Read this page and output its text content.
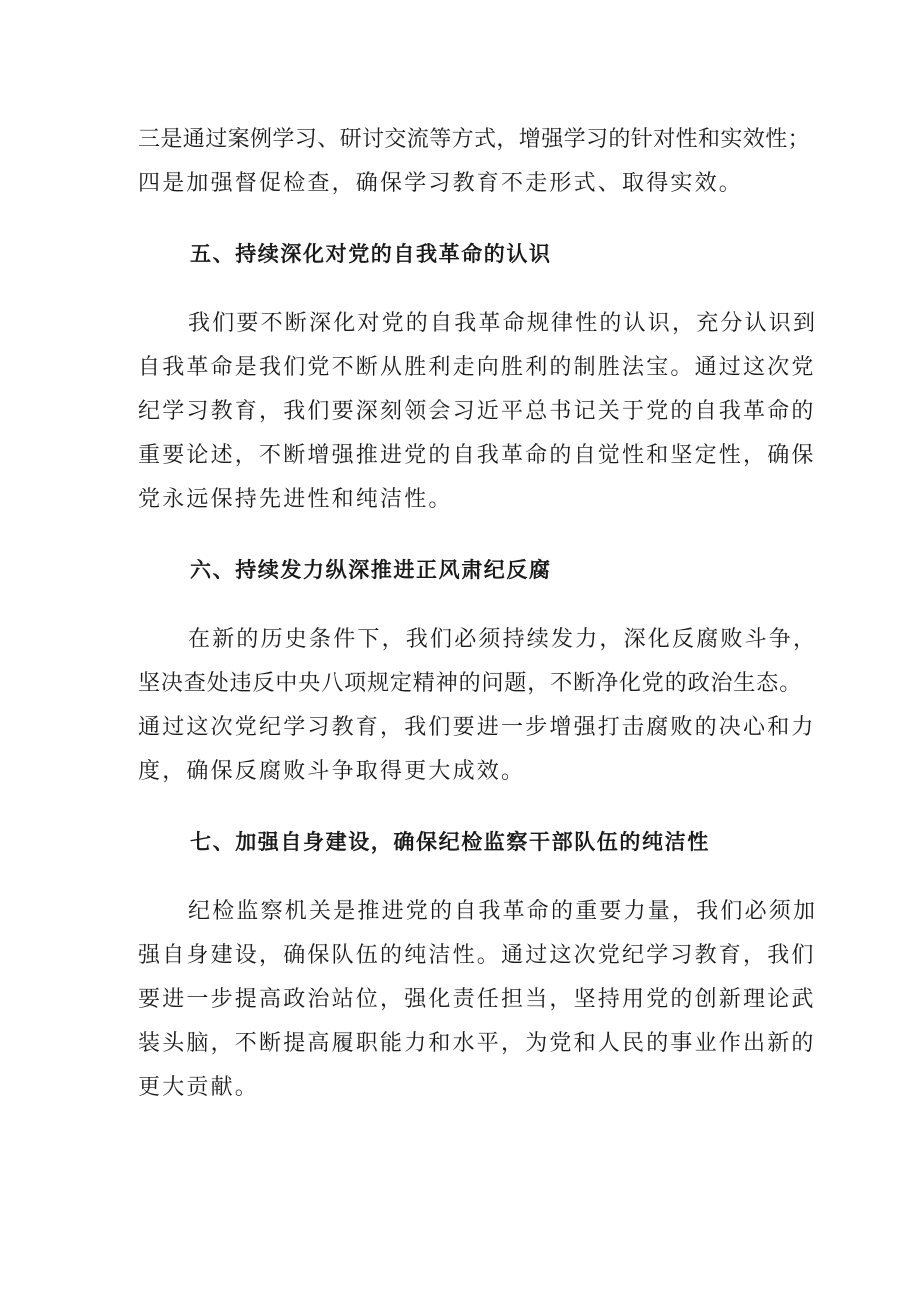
三是通过案例学习、研讨交流等方式，增强学习的针对性和实效性；

四是加强督促检查，确保学习教育不走形式、取得实效。

五、持续深化对党的自我革命的认识

我们要不断深化对党的自我革命规律性的认识，充分认识到

自我革命是我们党不断从胜利走向胜利的制胜法宝。通过这次党

纪学习教育，我们要深刻领会习近平总书记关于党的自我革命的

重要论述，不断增强推进党的自我革命的自觉性和坚定性，确保

党永远保持先进性和纯洁性。

六、持续发力纵深推进正风肃纪反腐

在新的历史条件下，我们必须持续发力，深化反腐败斗争，

坚决查处违反中央八项规定精神的问题，不断净化党的政治生态。

通过这次党纪学习教育，我们要进一步增强打击腐败的决心和力

度，确保反腐败斗争取得更大成效。

七、加强自身建设，确保纪检监察干部队伍的纯洁性

纪检监察机关是推进党的自我革命的重要力量，我们必须加

强自身建设，确保队伍的纯洁性。通过这次党纪学习教育，我们

要进一步提高政治站位，强化责任担当，坚持用党的创新理论武

装头脑，不断提高履职能力和水平，为党和人民的事业作出新的

更大贡献。
